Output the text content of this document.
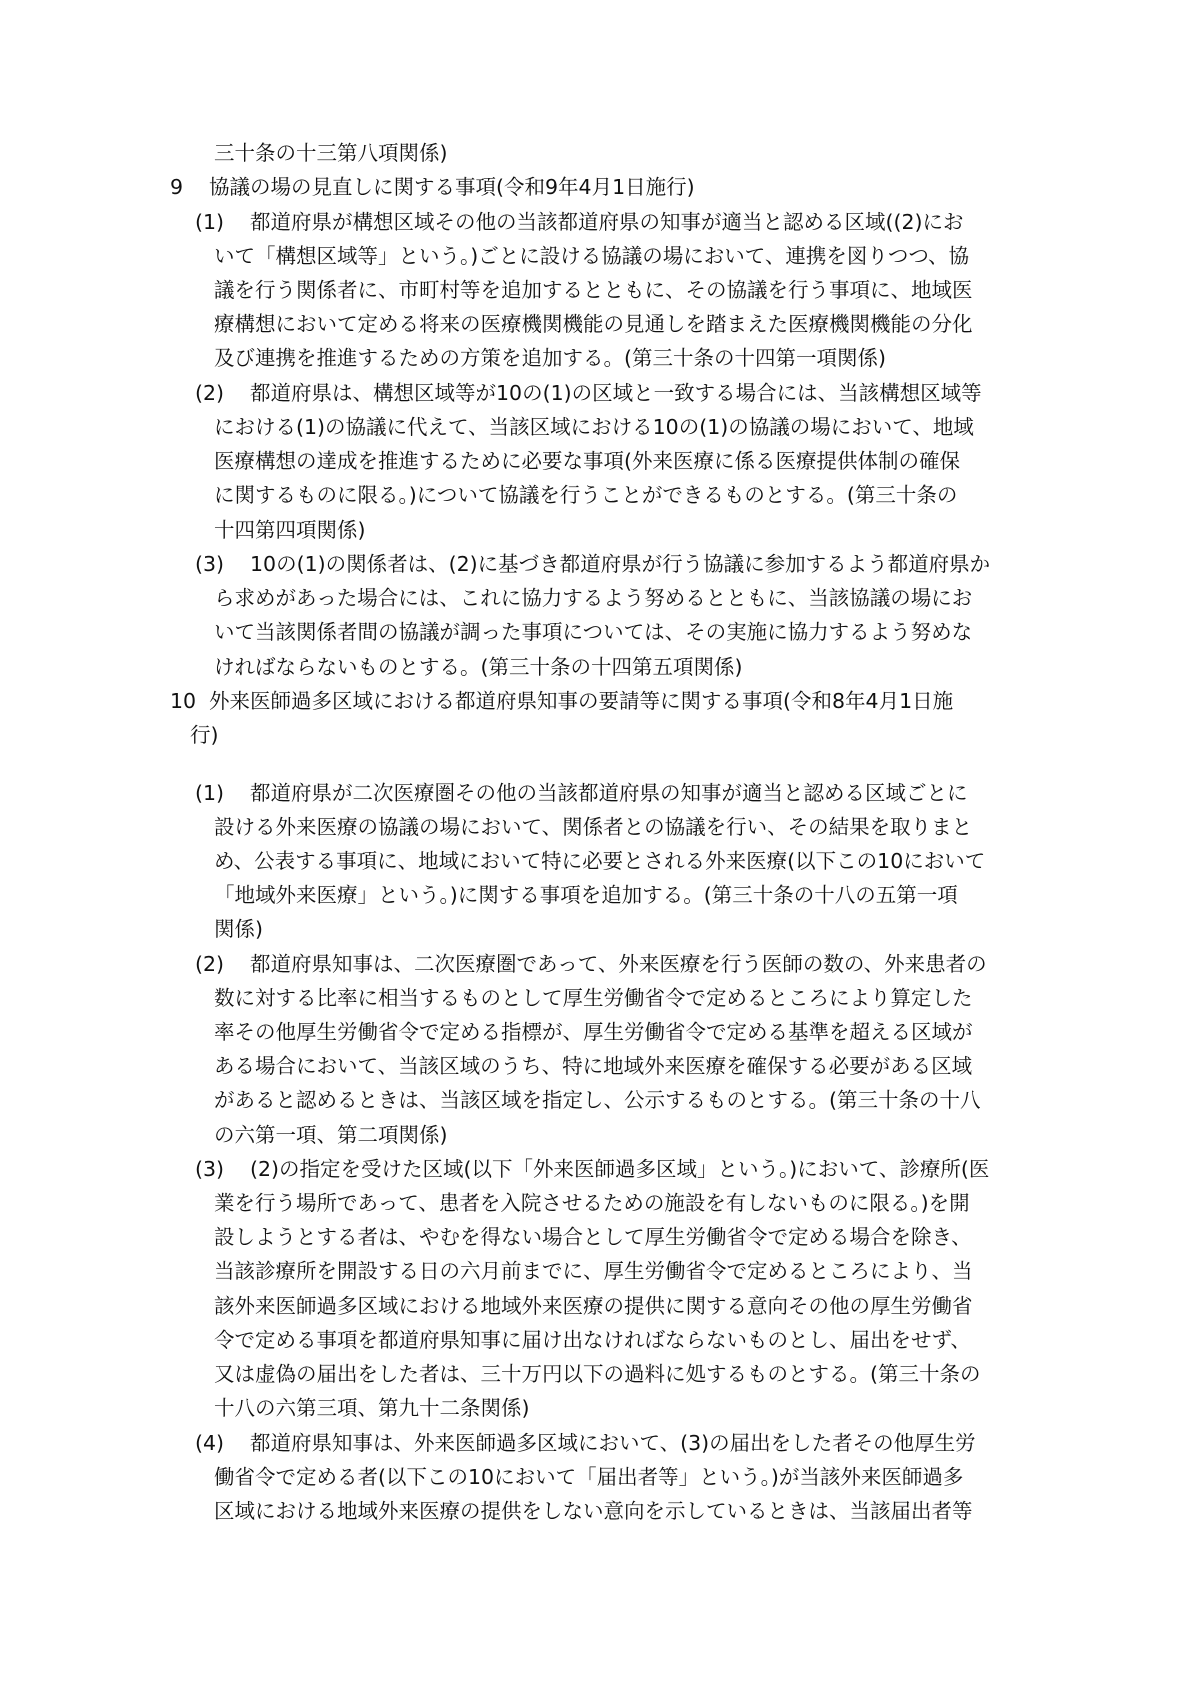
三十条の十三第八項関係)
9 協議の場の見直しに関する事項(令和9年4月1日施行)
(1) 都道府県が構想区域その他の当該都道府県の知事が適当と認める区域((2)にお
いて「構想区域等」という。)ごとに設ける協議の場において、連携を図りつつ、協
議を行う関係者に、市町村等を追加するとともに、その協議を行う事項に、地域医
療構想において定める将来の医療機関機能の見通しを踏まえた医療機関機能の分化
及び連携を推進するための方策を追加する。(第三十条の十四第一項関係)
(2) 都道府県は、構想区域等が10の(1)の区域と一致する場合には、当該構想区域等
における(1)の協議に代えて、当該区域における10の(1)の協議の場において、地域
医療構想の達成を推進するために必要な事項(外来医療に係る医療提供体制の確保
に関するものに限る。)について協議を行うことができるものとする。(第三十条の
十四第四項関係)
(3) 10の(1)の関係者は、(2)に基づき都道府県が行う協議に参加するよう都道府県か
ら求めがあった場合には、これに協力するよう努めるとともに、当該協議の場にお
いて当該関係者間の協議が調った事項については、その実施に協力するよう努めな
ければならないものとする。(第三十条の十四第五項関係)
10 外来医師過多区域における都道府県知事の要請等に関する事項(令和8年4月1日施
行)
(1) 都道府県が二次医療圏その他の当該都道府県の知事が適当と認める区域ごとに
設ける外来医療の協議の場において、関係者との協議を行い、その結果を取りまと
め、公表する事項に、地域において特に必要とされる外来医療(以下この10において
「地域外来医療」という。)に関する事項を追加する。(第三十条の十八の五第一項
関係)
(2) 都道府県知事は、二次医療圏であって、外来医療を行う医師の数の、外来患者の
数に対する比率に相当するものとして厚生労働省令で定めるところにより算定した
率その他厚生労働省令で定める指標が、厚生労働省令で定める基準を超える区域が
ある場合において、当該区域のうち、特に地域外来医療を確保する必要がある区域
があると認めるときは、当該区域を指定し、公示するものとする。(第三十条の十八
の六第一項、第二項関係)
(3) (2)の指定を受けた区域(以下「外来医師過多区域」という。)において、診療所(医
業を行う場所であって、患者を入院させるための施設を有しないものに限る。)を開
設しようとする者は、やむを得ない場合として厚生労働省令で定める場合を除き、
当該診療所を開設する日の六月前までに、厚生労働省令で定めるところにより、当
該外来医師過多区域における地域外来医療の提供に関する意向その他の厚生労働省
令で定める事項を都道府県知事に届け出なければならないものとし、届出をせず、
又は虚偽の届出をした者は、三十万円以下の過料に処するものとする。(第三十条の
十八の六第三項、第九十二条関係)
(4) 都道府県知事は、外来医師過多区域において、(3)の届出をした者その他厚生労
働省令で定める者(以下この10において「届出者等」という。)が当該外来医師過多
区域における地域外来医療の提供をしない意向を示しているときは、当該届出者等
